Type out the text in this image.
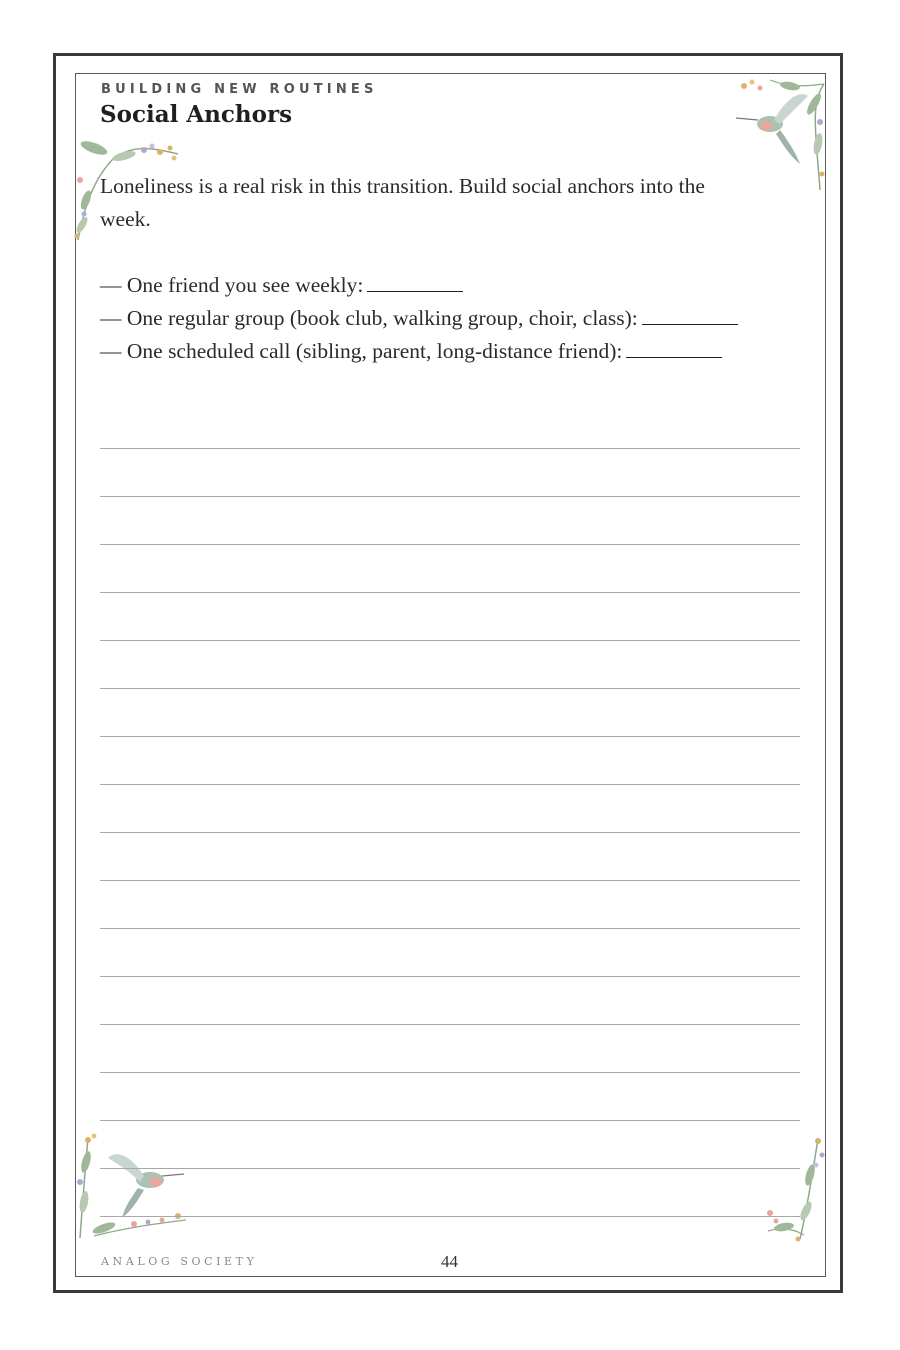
BUILDING NEW ROUTINES
Social Anchors
Loneliness is a real risk in this transition. Build social anchors into the
week.
— One friend you see weekly:
— One regular group (book club, walking group, choir, class):
— One scheduled call (sibling, parent, long-distance friend):
ANALOG SOCIETY	44
